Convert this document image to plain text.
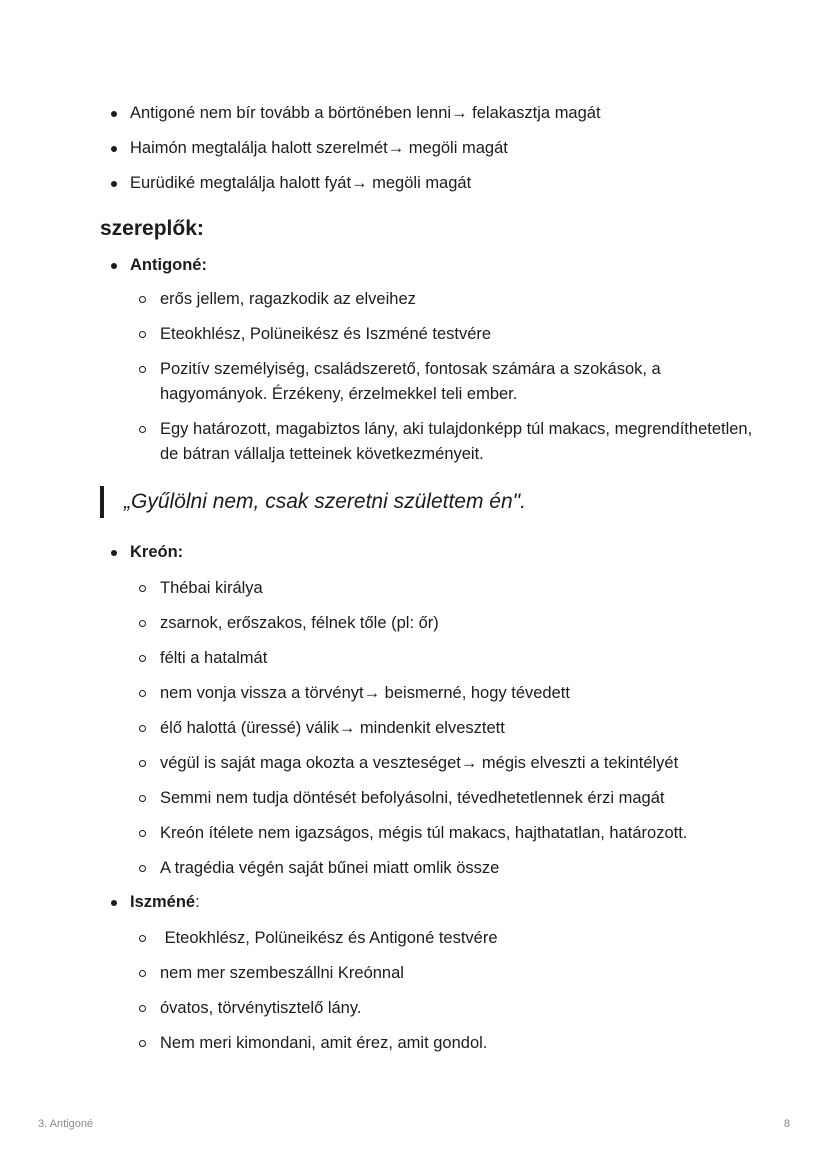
Antigoné nem bír tovább a börtönében lenni→ felakasztja magát
Haimón megtalálja halott szerelmét→ megöli magát
Eurüdiké megtalálja halott fyát→ megöli magát
szereplők:
Antigoné:
erős jellem, ragazkodik az elveihez
Eteokhlész, Polüneikész és Iszméné testvére
Pozitív személyiség, családszerető, fontosak számára a szokások, a hagyományok. Érzékeny, érzelmekkel teli ember.
Egy határozott, magabiztos lány, aki tulajdonképp túl makacs, megrendíthetetlen, de bátran vállalja tetteinek következményeit.
„Gyűlölni nem, csak szeretni születtem én".
Kreón:
Thébai királya
zsarnok, erőszakos, félnek tőle (pl: őr)
félti a hatalmát
nem vonja vissza a törvényt→ beismerné, hogy tévedett
élő halottá (üressé) válik→ mindenkit elvesztett
végül is saját maga okozta a veszteséget→ mégis elveszti a tekintélyét
Semmi nem tudja döntését befolyásolni, tévedhetetlennek érzi magát
Kreón ítélete nem igazságos, mégis túl makacs, hajthatatlan, határozott.
A tragédia végén saját bűnei miatt omlik össze
Iszméné:
Eteokhlész, Polüneikész és Antigoné testvére
nem mer szembeszállni Kreónnal
óvatos, törvénytisztelő lány.
Nem meri kimondani, amit érez, amit gondol.
3. Antigoné	8
